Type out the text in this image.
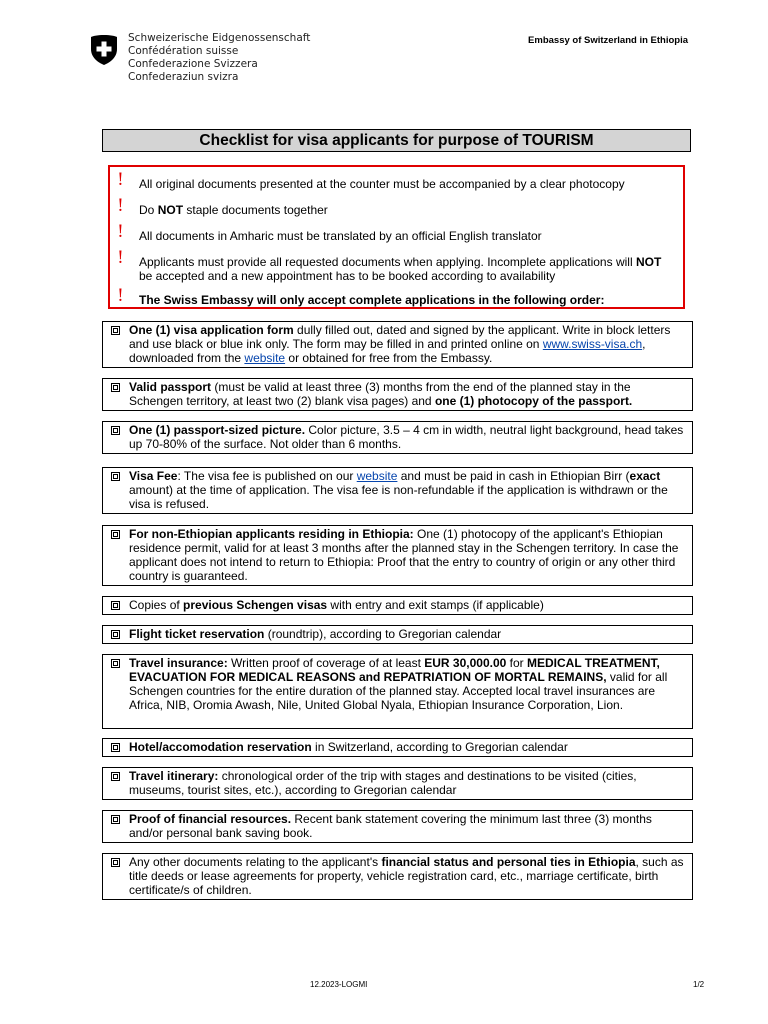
Schweizerische Eidgenossenschaft
Confédération suisse
Confederazione Svizzera
Confederaziun svizra
Embassy of Switzerland in Ethiopia
Checklist for visa applicants for purpose of TOURISM
!	All original documents presented at the counter must be accompanied by a clear photocopy
!	Do NOT staple documents together
!	All documents in Amharic must be translated by an official English translator
!	Applicants must provide all requested documents when applying. Incomplete applications will NOT be accepted and a new appointment has to be booked according to availability
!	The Swiss Embassy will only accept complete applications in the following order:
One (1) visa application form dully filled out, dated and signed by the applicant. Write in block letters and use black or blue ink only. The form may be filled in and printed online on www.swiss-visa.ch, downloaded from the website or obtained for free from the Embassy.
Valid passport (must be valid at least three (3) months from the end of the planned stay in the Schengen territory, at least two (2) blank visa pages) and one (1) photocopy of the passport.
One (1) passport-sized picture. Color picture, 3.5 – 4 cm in width, neutral light background, head takes up 70-80% of the surface. Not older than 6 months.
Visa Fee: The visa fee is published on our website and must be paid in cash in Ethiopian Birr (exact amount) at the time of application. The visa fee is non-refundable if the application is withdrawn or the visa is refused.
For non-Ethiopian applicants residing in Ethiopia: One (1) photocopy of the applicant's Ethiopian residence permit, valid for at least 3 months after the planned stay in the Schengen territory. In case the applicant does not intend to return to Ethiopia: Proof that the entry to country of origin or any other third country is guaranteed.
Copies of previous Schengen visas with entry and exit stamps (if applicable)
Flight ticket reservation (roundtrip), according to Gregorian calendar
Travel insurance: Written proof of coverage of at least EUR 30,000.00 for MEDICAL TREATMENT, EVACUATION FOR MEDICAL REASONS and REPATRIATION OF MORTAL REMAINS, valid for all Schengen countries for the entire duration of the planned stay. Accepted local travel insurances are Africa, NIB, Oromia Awash, Nile, United Global Nyala, Ethiopian Insurance Corporation, Lion.
Hotel/accomodation reservation in Switzerland, according to Gregorian calendar
Travel itinerary: chronological order of the trip with stages and destinations to be visited (cities, museums, tourist sites, etc.), according to Gregorian calendar
Proof of financial resources. Recent bank statement covering the minimum last three (3) months and/or personal bank saving book.
Any other documents relating to the applicant's financial status and personal ties in Ethiopia, such as title deeds or lease agreements for property, vehicle registration card, etc., marriage certificate, birth certificate/s of children.
12.2023-LOGMI	1/2
